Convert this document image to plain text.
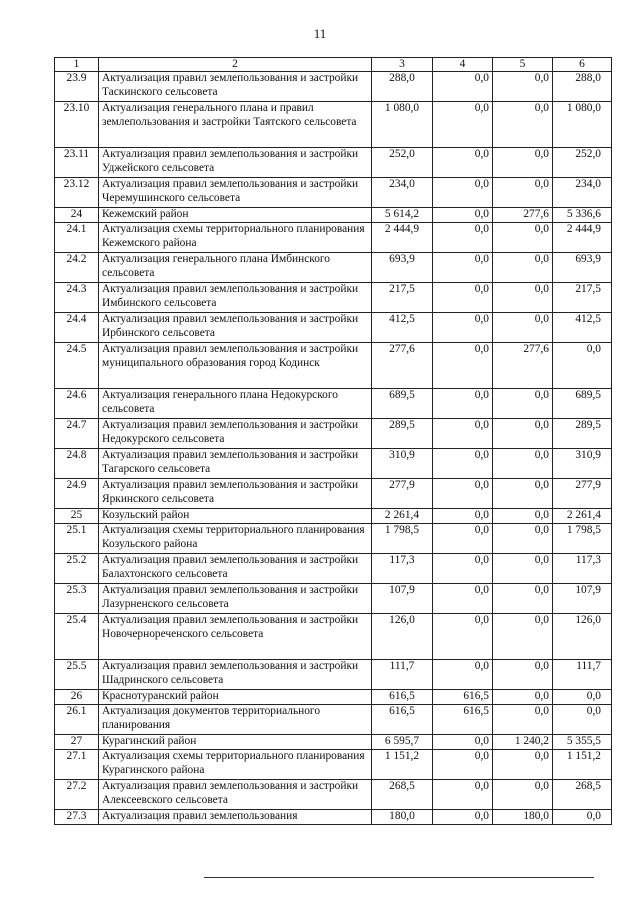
11
1	2	3	4	5	6
23.9	Актуализация правил землепользования и застройки Таскинского сельсовета	288,0	0,0	0,0	288,0
23.10	Актуализация генерального плана и правил землепользования и застройки Таятского сельсовета	1 080,0	0,0	0,0	1 080,0
23.11	Актуализация правил землепользования и застройки Уджейского сельсовета	252,0	0,0	0,0	252,0
23.12	Актуализация правил землепользования и застройки Черемушинского сельсовета	234,0	0,0	0,0	234,0
24	Кежемский район	5 614,2	0,0	277,6	5 336,6
24.1	Актуализация схемы территориального планирования Кежемского района	2 444,9	0,0	0,0	2 444,9
24.2	Актуализация генерального плана Имбинского сельсовета	693,9	0,0	0,0	693,9
24.3	Актуализация правил землепользования и застройки Имбинского сельсовета	217,5	0,0	0,0	217,5
24.4	Актуализация правил землепользования и застройки Ирбинского сельсовета	412,5	0,0	0,0	412,5
24.5	Актуализация правил землепользования и застройки муниципального образования город Кодинск	277,6	0,0	277,6	0,0
24.6	Актуализация генерального плана Недокурского сельсовета	689,5	0,0	0,0	689,5
24.7	Актуализация правил землепользования и застройки Недокурского сельсовета	289,5	0,0	0,0	289,5
24.8	Актуализация правил землепользования и застройки Тагарского сельсовета	310,9	0,0	0,0	310,9
24.9	Актуализация правил землепользования и застройки Яркинского сельсовета	277,9	0,0	0,0	277,9
25	Козульский район	2 261,4	0,0	0,0	2 261,4
25.1	Актуализация схемы территориального планирования Козульского района	1 798,5	0,0	0,0	1 798,5
25.2	Актуализация правил землепользования и застройки Балахтонского сельсовета	117,3	0,0	0,0	117,3
25.3	Актуализация правил землепользования и застройки Лазурненского сельсовета	107,9	0,0	0,0	107,9
25.4	Актуализация правил землепользования и застройки Новочернореченского сельсовета	126,0	0,0	0,0	126,0
25.5	Актуализация правил землепользования и застройки Шадринского сельсовета	111,7	0,0	0,0	111,7
26	Краснотуранский район	616,5	616,5	0,0	0,0
26.1	Актуализация документов территориального планирования	616,5	616,5	0,0	0,0
27	Курагинский район	6 595,7	0,0	1 240,2	5 355,5
27.1	Актуализация схемы территориального планирования Курагинского района	1 151,2	0,0	0,0	1 151,2
27.2	Актуализация правил землепользования и застройки Алексеевского сельсовета	268,5	0,0	0,0	268,5
27.3	Актуализация правил землепользования	180,0	0,0	180,0	0,0
